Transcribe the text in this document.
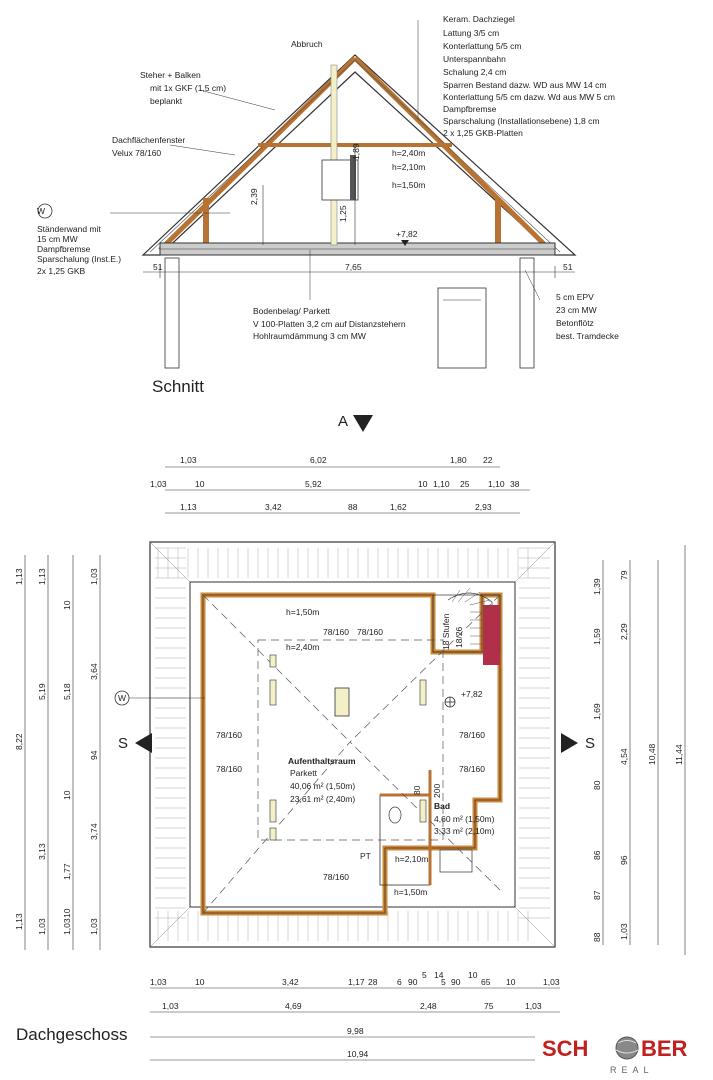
Abbruch
Steher + Balken mit 1x GKF (1,5 cm) beplankt
Dachflächenfenster Velux 78/160
W
Ständerwand mit 15 cm MW Dampfbremse Sparschalung (Inst.E.) 2x 1,25 GKB
Keram. Dachziegel Lattung 3/5 cm Konterlattung 5/5 cm Unterspannbahn Schalung 2,4 cm Sparren Bestand dazw. WD aus MW 14 cm Konterlattung 5/5 cm dazw. Wd aus MW 5 cm Dampfbremse Sparschalung (Installationsebene) 1,8 cm 2 x 1,25 GKB-Platten
h=2,40m h=2,10m h=1,50m
2,39
1,89
1,25
+7,82
51	7,65	51
Bodenbelag/ Parkett V 100-Platten 3,2 cm auf Distanzstehern Hohlraumdämmung 3 cm MW
5 cm EPV 23 cm MW Betonflötz best. Tramdecke
Schnitt
A
1,03	6,02	1,80 22
1,03	10	5,92	10 1,10 25 1,10 38
1,13	3,42	88	1,62	2,93
1,13
8,22
1,13
1,13
5,19
3,13
1,03
10
5,18
10
1,77
10
1,03
1,03
3,64
94
3,74
1,03
1,39
1,59
1,69
80
86
87
88
79
2,29
4,54
96
1,03
10,48 11,44
1,03	10	3,42	1,17 28 6 90 5 14 5 90 10 65 10	1,03
1,03	4,69	2,48	75	1,03
9,98
10,94
W
S	S
h=1,50m
h=2,40m
h=1,50m
78/160 78/160
78/160
78/160
78/160
78/160
78/160
18 Stufen 18/26
+7,82
Aufenthaltsraum
Parkett
40,06 m² (1,50m)
23,61 m² (2,40m)
80 200
Bad
4,60 m² (1,50m)
3,33 m² (2,10m)
PT	h=2,10m
Dachgeschoss
SCH BER
REAL
